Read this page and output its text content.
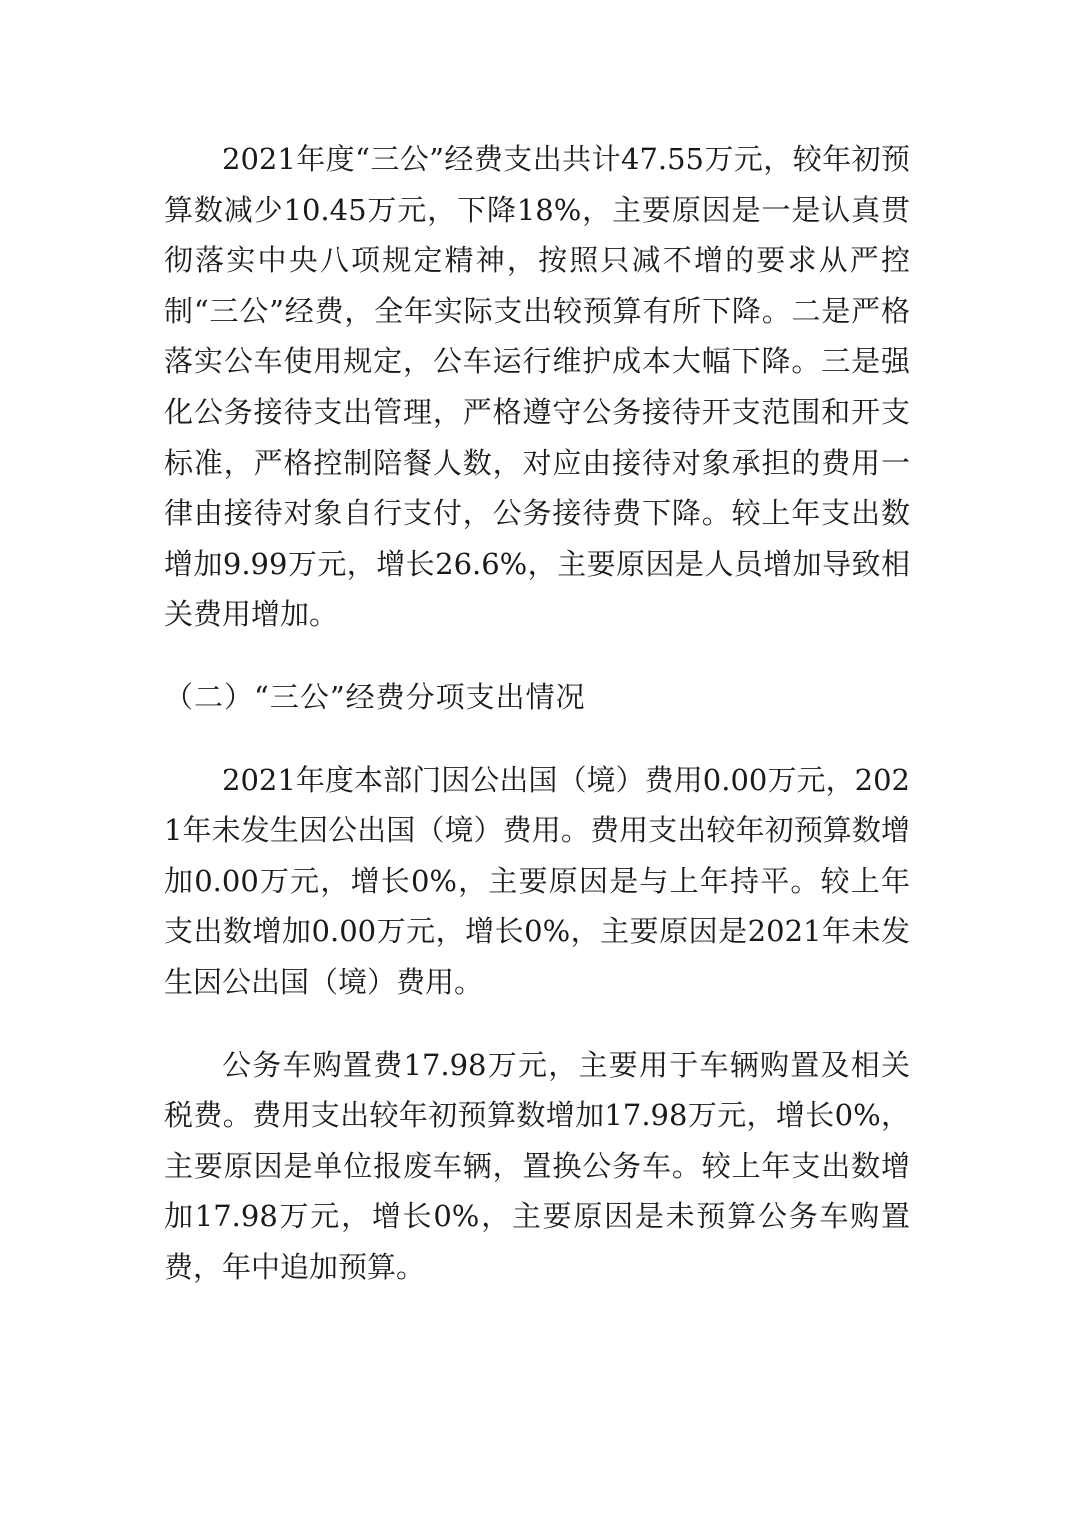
2021年度“三公”经费支出共计47.55万元，较年初预算数减少10.45万元，下降18%，主要原因是一是认真贯彻落实中央八项规定精神，按照只减不增的要求从严控制“三公”经费，全年实际支出较预算有所下降。二是严格落实公车使用规定，公车运行维护成本大幅下降。三是强化公务接待支出管理，严格遵守公务接待开支范围和开支标准，严格控制陪餐人数，对应由接待对象承担的费用一律由接待对象自行支付，公务接待费下降。较上年支出数增加9.99万元，增长26.6%，主要原因是人员增加导致相关费用增加。

（二）“三公”经费分项支出情况

2021年度本部门因公出国（境）费用0.00万元，2021年未发生因公出国（境）费用。费用支出较年初预算数增加0.00万元，增长0%，主要原因是与上年持平。较上年支出数增加0.00万元，增长0%，主要原因是2021年未发生因公出国（境）费用。

公务车购置费17.98万元，主要用于车辆购置及相关税费。费用支出较年初预算数增加17.98万元，增长0%，主要原因是单位报废车辆，置换公务车。较上年支出数增加17.98万元，增长0%，主要原因是未预算公务车购置费，年中追加预算。
